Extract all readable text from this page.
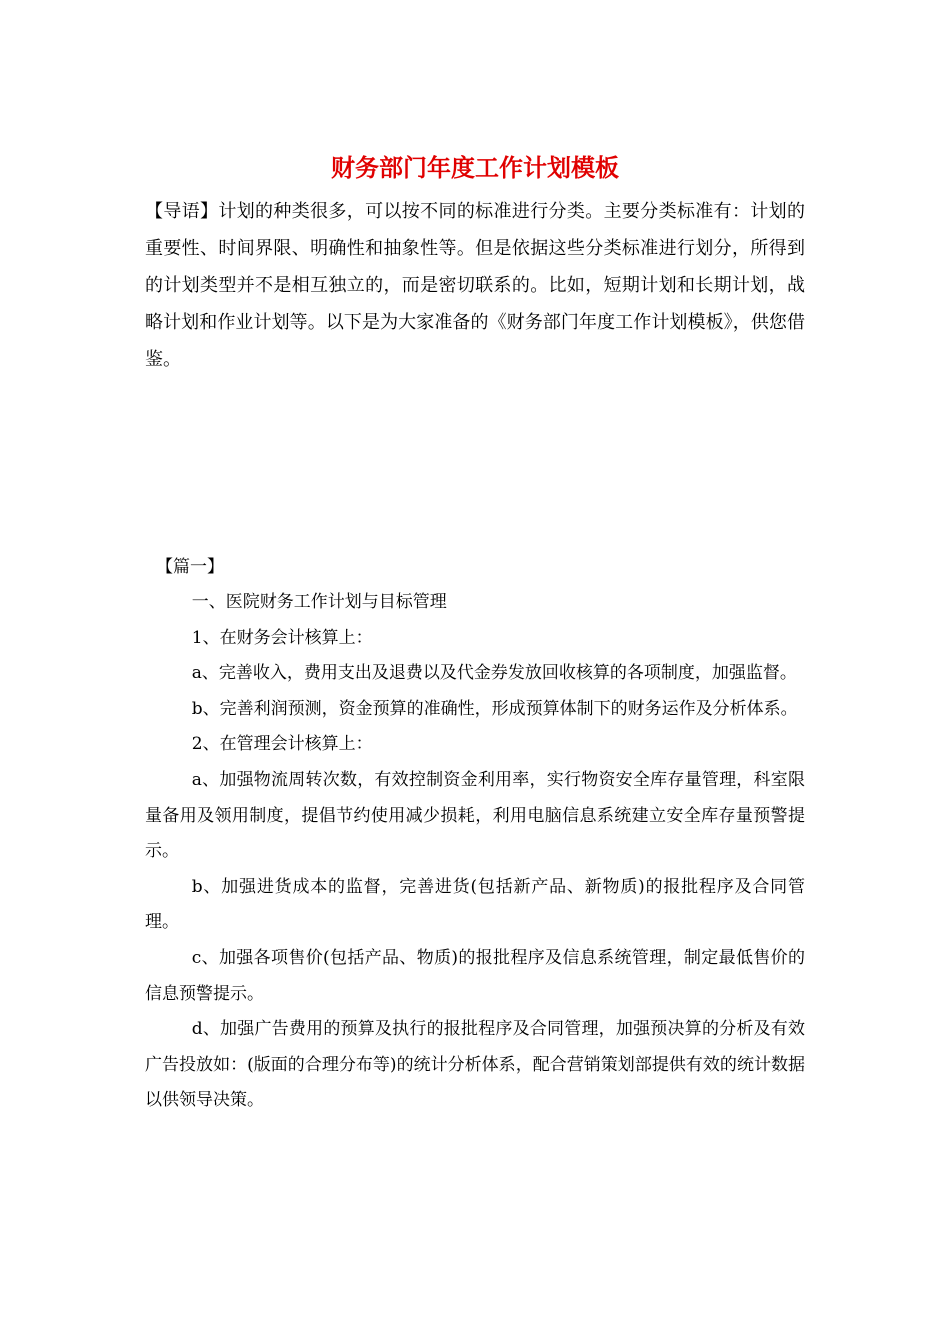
财务部门年度工作计划模板

【导语】计划的种类很多，可以按不同的标准进行分类。主要分类标准有：计划的重要性、时间界限、明确性和抽象性等。但是依据这些分类标准进行划分，所得到的计划类型并不是相互独立的，而是密切联系的。比如，短期计划和长期计划，战略计划和作业计划等。以下是为大家准备的《财务部门年度工作计划模板》，供您借鉴。

【篇一】

一、医院财务工作计划与目标管理

1、在财务会计核算上：

a、完善收入，费用支出及退费以及代金券发放回收核算的各项制度，加强监督。

b、完善利润预测，资金预算的准确性，形成预算体制下的财务运作及分析体系。

2、在管理会计核算上：

a、加强物流周转次数，有效控制资金利用率，实行物资安全库存量管理，科室限量备用及领用制度，提倡节约使用减少损耗，利用电脑信息系统建立安全库存量预警提示。

b、加强进货成本的监督，完善进货(包括新产品、新物质)的报批程序及合同管理。

c、加强各项售价(包括产品、物质)的报批程序及信息系统管理，制定最低售价的信息预警提示。

d、加强广告费用的预算及执行的报批程序及合同管理，加强预决算的分析及有效广告投放如：(版面的合理分布等)的统计分析体系，配合营销策划部提供有效的统计数据以供领导决策。
